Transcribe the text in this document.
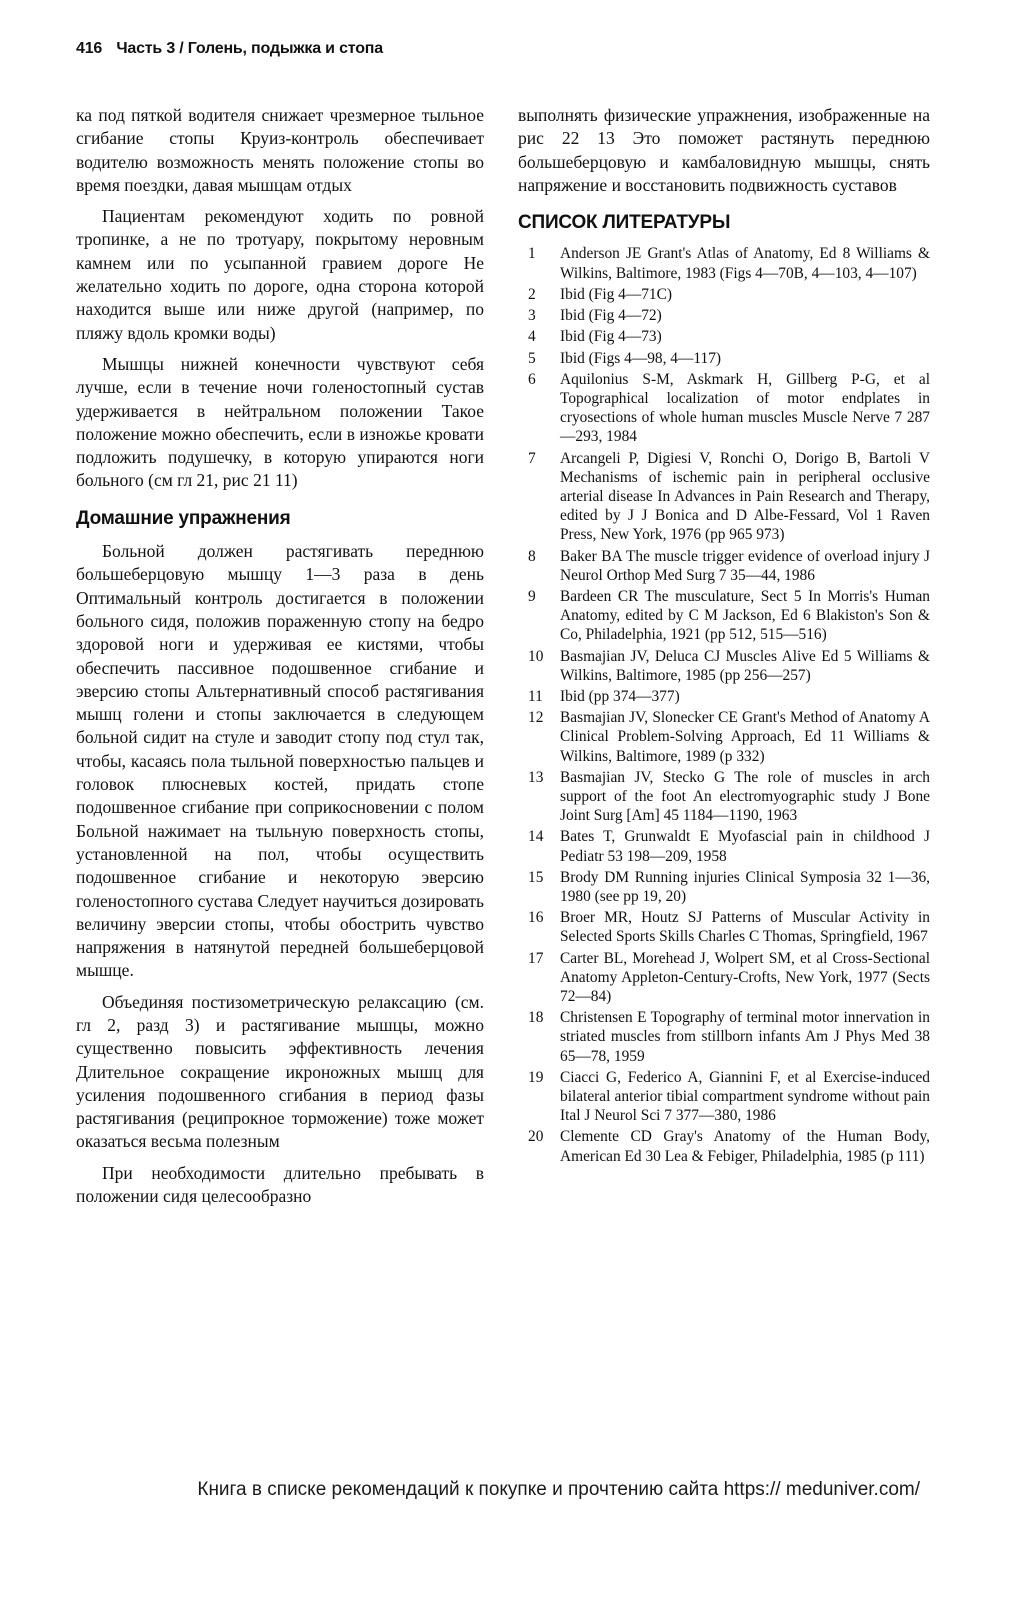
416 Часть 3 / Голень, подыжка и стопа

ка под пяткой водителя снижает чрезмерное тыльное сгибание стопы Круиз-контроль обеспечивает водителю возможность менять положение стопы во время поездки, давая мышцам отдых

Пациентам рекомендуют ходить по ровной тропинке, а не по тротуару, покрытому неровным камнем или по усыпанной гравием дороге Не желательно ходить по дороге, одна сторона которой находится выше или ниже другой (например, по пляжу вдоль кромки воды)

Мышцы нижней конечности чувствуют себя лучше, если в течение ночи голеностопный сустав удерживается в нейтральном положении Такое положение можно обеспечить, если в изножье кровати подложить подушечку, в которую упираются ноги больного (см гл 21, рис 21 11)

Домашние упражнения

Больной должен растягивать переднюю большеберцовую мышцу 1—3 раза в день Оптимальный контроль достигается в положении больного сидя, положив пораженную стопу на бедро здоровой ноги и удерживая ее кистями, чтобы обеспечить пассивное подошвенное сгибание и эверсию стопы Альтернативный способ растягивания мышц голени и стопы заключается в следующем больной сидит на стуле и заводит стопу под стул так, чтобы, касаясь пола тыльной поверхностью пальцев и головок плюсневых костей, придать стопе подошвенное сгибание при соприкосновении с полом Больной нажимает на тыльную поверхность стопы, установленной на пол, чтобы осуществить подошвенное сгибание и некоторую эверсию голеностопного сустава Следует научиться дозировать величину эверсии стопы, чтобы обострить чувство напряжения в натянутой передней большеберцовой мышце.

Объединяя постизометрическую релаксацию (см. гл 2, разд 3) и растягивание мышцы, можно существенно повысить эффективность лечения Длительное сокращение икроножных мышц для усиления подошвенного сгибания в период фазы растягивания (реципрокное торможение) тоже может оказаться весьма полезным

При необходимости длительно пребывать в положении сидя целесообразно

выполнять физические упражнения, изображенные на рис 22 13 Это поможет растянуть переднюю большеберцовую и камбаловидную мышцы, снять напряжение и восстановить подвижность суставов

СПИСОК ЛИТЕРАТУРЫ
1	Anderson JE Grant's Atlas of Anatomy, Ed 8 Williams & Wilkins, Baltimore, 1983 (Figs 4—70B, 4—103, 4—107)
2	Ibid (Fig 4—71C)
3	Ibid (Fig 4—72)
4	Ibid (Fig 4—73)
5	Ibid (Figs 4—98, 4—117)
6	Aquilonius S-M, Askmark H, Gillberg P-G, et al Topographical localization of motor endplates in cryosections of whole human muscles Muscle Nerve 7 287—293, 1984
7	Arcangeli P, Digiesi V, Ronchi O, Dorigo B, Bartoli V Mechanisms of ischemic pain in peripheral occlusive arterial disease In Advances in Pain Research and Therapy, edited by J J Bonica and D Albe-Fessard, Vol 1 Raven Press, New York, 1976 (pp 965 973)
8	Baker BA The muscle trigger evidence of overload injury J Neurol Orthop Med Surg 7 35—44, 1986
9	Bardeen CR The musculature, Sect 5 In Morris's Human Anatomy, edited by C M Jackson, Ed 6 Blakiston's Son & Co, Philadelphia, 1921 (pp 512, 515—516)
10	Basmajian JV, Deluca CJ Muscles Alive Ed 5 Williams & Wilkins, Baltimore, 1985 (pp 256—257)
11	Ibid (pp 374—377)
12	Basmajian JV, Slonecker CE Grant's Method of Anatomy A Clinical Problem-Solving Approach, Ed 11 Williams & Wilkins, Baltimore, 1989 (p 332)
13	Basmajian JV, Stecko G The role of muscles in arch support of the foot An electromyographic study J Bone Joint Surg [Am] 45 1184—1190, 1963
14	Bates T, Grunwaldt E Myofascial pain in childhood J Pediatr 53 198—209, 1958
15	Brody DM Running injuries Clinical Symposia 32 1—36, 1980 (see pp 19, 20)
16	Broer MR, Houtz SJ Patterns of Muscular Activity in Selected Sports Skills Charles C Thomas, Springfield, 1967
17	Carter BL, Morehead J, Wolpert SM, et al Cross-Sectional Anatomy Appleton-Century-Crofts, New York, 1977 (Sects 72—84)
18	Christensen E Topography of terminal motor innervation in striated muscles from stillborn infants Am J Phys Med 38 65—78, 1959
19	Ciacci G, Federico A, Giannini F, et al Exercise-induced bilateral anterior tibial compartment syndrome without pain Ital J Neurol Sci 7 377—380, 1986
20	Clemente CD Gray's Anatomy of the Human Body, American Ed 30 Lea & Febiger, Philadelphia, 1985 (p 111)
Книга в списке рекомендаций к покупке и прочтению сайта https:// meduniver.com/
